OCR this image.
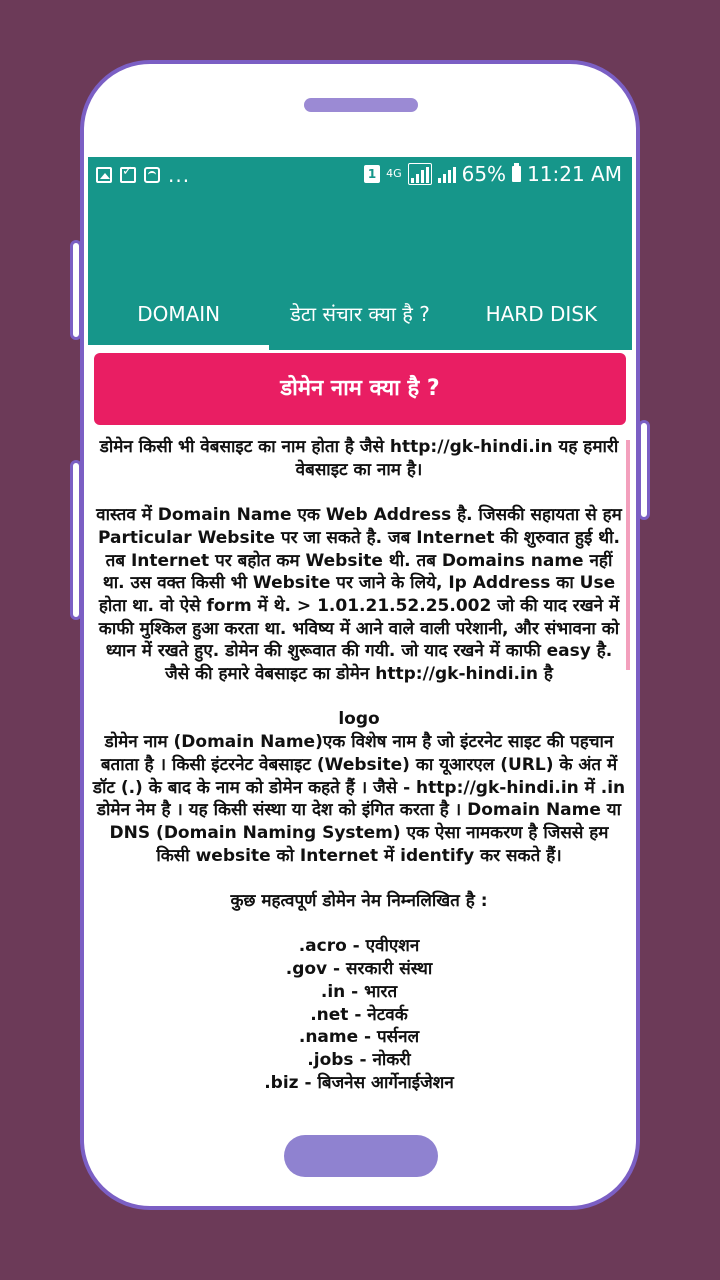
✓
...	1 4G	65% 11:21 AM
DOMAIN	डेटा संचार क्या है ?	HARD DISK
डोमेन नाम क्या है ?

डोमेन किसी भी वेबसाइट का नाम होता है जैसे http://gk-hindi.in यह हमारी वेबसाइट का नाम है।

वास्तव में Domain Name एक Web Address है. जिसकी सहायता से हम Particular Website पर जा सकते है. जब Internet की शुरुवात हुई थी. तब Internet पर बहोत कम Website थी. तब Domains name नहीं था. उस वक्त किसी भी Website पर जाने के लिये, Ip Address का Use होता था. वो ऐसे form में थे. > 1.01.21.52.25.002 जो की याद रखने में काफी मुश्किल हुआ करता था. भविष्य में आने वाले वाली परेशानी, और संभावना को ध्यान में रखते हुए. डोमेन की शुरूवात की गयी. जो याद रखने में काफी easy है. जैसे की हमारे वेबसाइट का डोमेन http://gk-hindi.in है

logo

डोमेन नाम (Domain Name)एक विशेष नाम है जो इंटरनेट साइट की पहचान बताता है । किसी इंटरनेट वेबसाइट (Website) का यूआरएल (URL) के अंत में डॉट (.) के बाद के नाम को डोमेन कहते हैं । जैसे - http://gk-hindi.in में .in डोमेन नेम है । यह किसी संस्था या देश को इंगित करता है । Domain Name या DNS (Domain Naming System) एक ऐसा नामकरण है जिससे हम किसी website को Internet में identify कर सकते हैं।

कुछ महत्वपूर्ण डोमेन नेम निम्नलिखित है :

.acro - एवीएशन

.gov - सरकारी संस्था

.in - भारत

.net - नेटवर्क

.name - पर्सनल

.jobs - नोकरी

.biz - बिजनेस आर्गेनाईजेशन
